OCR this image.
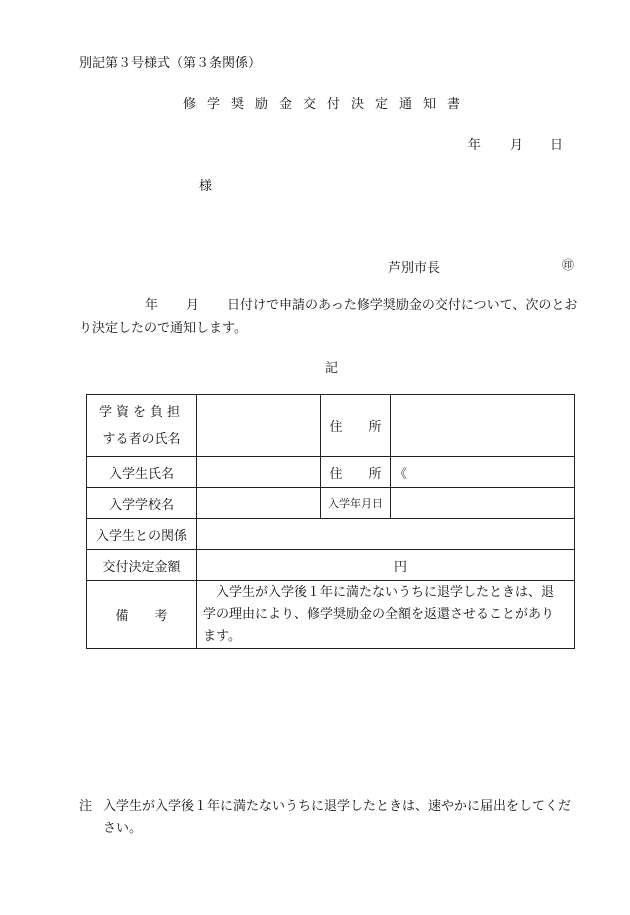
別記第３号様式（第３条関係）
修学奨励金交付決定通知書
年 月 日
様
芦別市長	㊞
年 月 日付けで申請のあった修学奨励金の交付について、次のとお
り決定したので通知します。
記
学資を負担
する者の氏名		住　　所	
入学生氏名		住　　所	《
入学学校名		入学年月日	
入学生との関係			
交付決定金額	円		
備　　考	入学生が入学後１年に満たないうちに退学したときは、退学の理由により、修学奨励金の全額を返還させることがあります。		
注 入学生が入学後１年に満たないうちに退学したときは、速やかに届出をしてくだ
さい。
